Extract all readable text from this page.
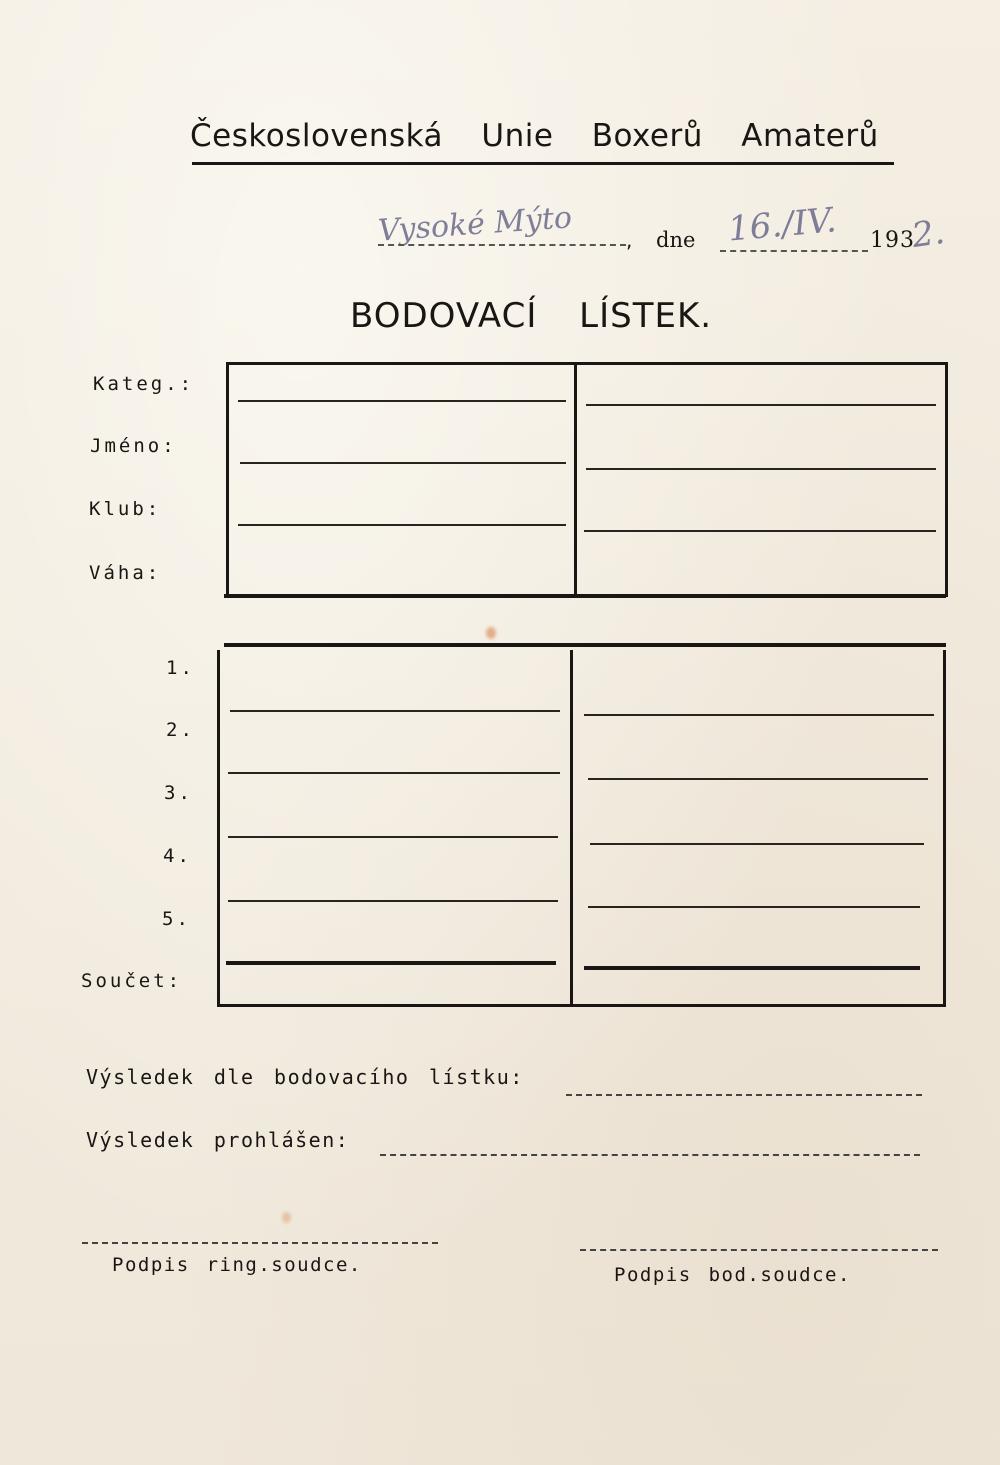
Československá Unie Boxerů Amaterů
Vysoké Mýto	, dne 16./IV. 193
2.
BODOVACÍ LÍSTEK.
Kateg.:
Jméno:
Klub:
Váha:
1.
2.
3.
4.
5.
Součet:
Výsledek dle bodovacího lístku:
Výsledek prohlášen:
Podpis ring.soudce.	Podpis bod.soudce.
